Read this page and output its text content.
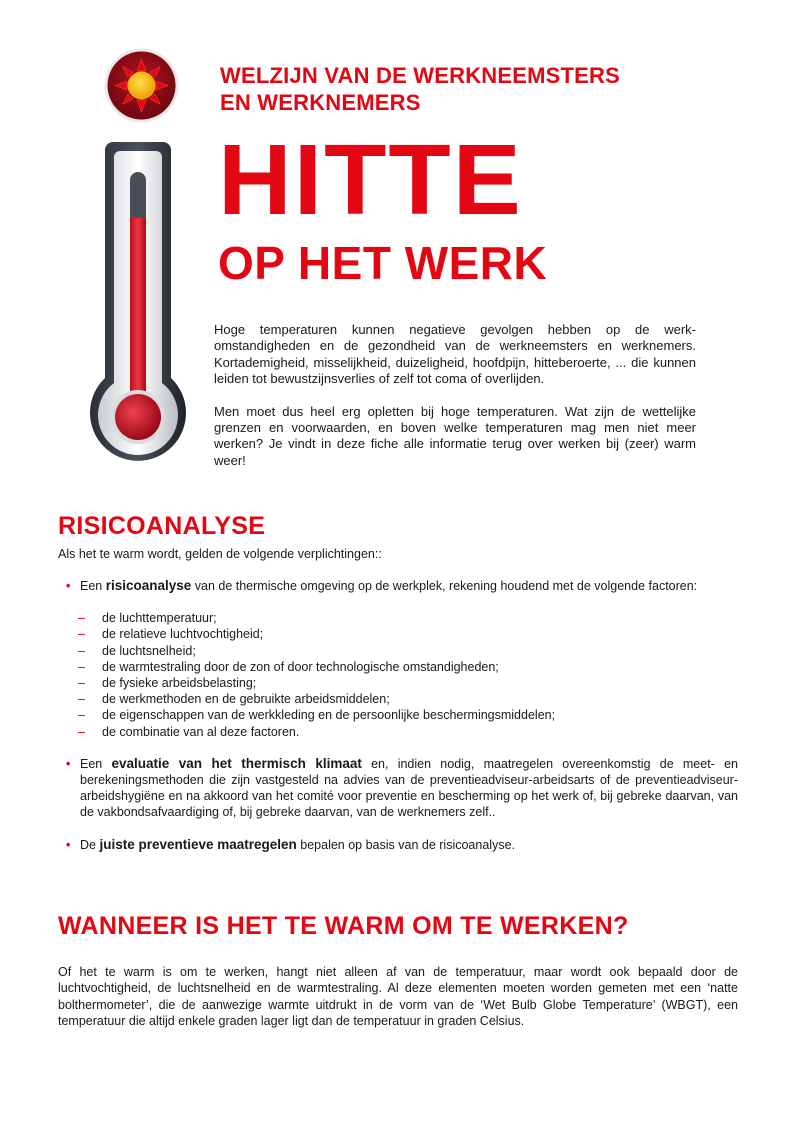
WELZIJN VAN DE WERKNEEMSTERS
EN WERKNEMERS
HITTE
OP HET WERK

Hoge temperaturen kunnen negatieve gevolgen hebben op de werk-omstandigheden en de gezondheid van de werkneemsters en werknemers. Kortademigheid, misselijkheid, duizeligheid, hoofdpijn, hitteberoerte, ... die kunnen leiden tot bewustzijnsverlies of zelf tot coma of overlijden.

Men moet dus heel erg opletten bij hoge temperaturen. Wat zijn de wettelijke grenzen en voorwaarden, en boven welke temperaturen mag men niet meer werken? Je vindt in deze fiche alle informatie terug over werken bij (zeer) warm weer!

RISICOANALYSE
Als het te warm wordt, gelden de volgende verplichtingen::
• Een risicoanalyse van de thermische omgeving op de werkplek, rekening houdend met de volgende factoren:
– de luchttemperatuur;
– de relatieve luchtvochtigheid;
– de luchtsnelheid;
– de warmtestraling door de zon of door technologische omstandigheden;
– de fysieke arbeidsbelasting;
– de werkmethoden en de gebruikte arbeidsmiddelen;
– de eigenschappen van de werkkleding en de persoonlijke beschermingsmiddelen;
– de combinatie van al deze factoren.
• Een evaluatie van het thermisch klimaat en, indien nodig, maatregelen overeenkomstig de meet- en berekeningsmethoden die zijn vastgesteld na advies van de preventieadviseur-arbeidsarts of de preventieadviseur-arbeidshygiëne en na akkoord van het comité voor preventie en bescherming op het werk of, bij gebreke daarvan, van de vakbondsafvaardiging of, bij gebreke daarvan, van de werknemers zelf..
• De juiste preventieve maatregelen bepalen op basis van de risicoanalyse.
WANNEER IS HET TE WARM OM TE WERKEN?
Of het te warm is om te werken, hangt niet alleen af van de temperatuur, maar wordt ook bepaald door de luchtvochtigheid, de luchtsnelheid en de warmtestraling. Al deze elementen moeten worden gemeten met een ‘natte bolthermometer’, die de aanwezige warmte uitdrukt in de vorm van de ‘Wet Bulb Globe Temperature’ (WBGT), een temperatuur die altijd enkele graden lager ligt dan de temperatuur in graden Celsius.
